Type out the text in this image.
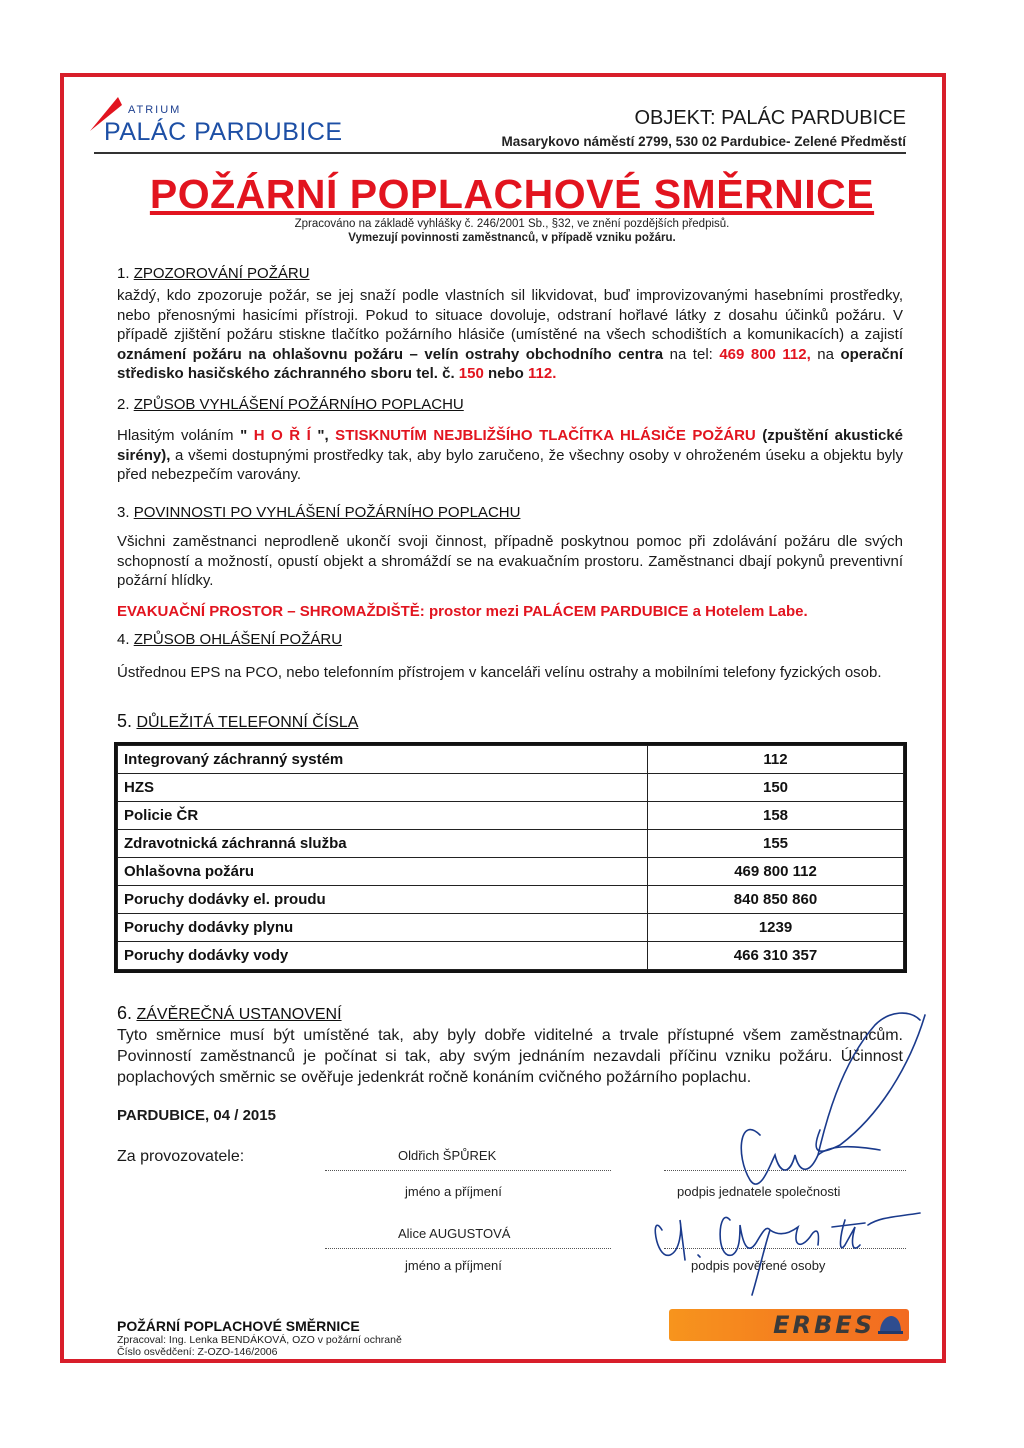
ATRIUM
PALÁC PARDUBICE	OBJEKT: PALÁC PARDUBICE
Masarykovo náměstí 2799, 530 02 Pardubice- Zelené Předměstí
POŽÁRNÍ POPLACHOVÉ SMĚRNICE
Zpracováno na základě vyhlášky č. 246/2001 Sb., §32, ve znění pozdějších předpisů.
Vymezují povinnosti zaměstnanců, v případě vzniku požáru.
1. ZPOZOROVÁNÍ POŽÁRU
každý, kdo zpozoruje požár, se jej snaží podle vlastních sil likvidovat, buď improvizovanými hasebními prostředky, nebo přenosnými hasicími přístroji. Pokud to situace dovoluje, odstraní hořlavé látky z dosahu účinků požáru. V případě zjištění požáru stiskne tlačítko požárního hlásiče (umístěné na všech schodištích a komunikacích) a zajistí oznámení požáru na ohlašovnu požáru – velín ostrahy obchodního centra na tel: 469 800 112, na operační středisko hasičského záchranného sboru tel. č. 150 nebo 112.
2. ZPŮSOB VYHLÁŠENÍ POŽÁRNÍHO POPLACHU
Hlasitým voláním " H O Ř Í ", STISKNUTÍM NEJBLIŽŠÍHO TLAČÍTKA HLÁSIČE POŽÁRU (zpuštění akustické sirény), a všemi dostupnými prostředky tak, aby bylo zaručeno, že všechny osoby v ohroženém úseku a objektu byly před nebezpečím varovány.
3. POVINNOSTI PO VYHLÁŠENÍ POŽÁRNÍHO POPLACHU
Všichni zaměstnanci neprodleně ukončí svoji činnost, případně poskytnou pomoc při zdolávání požáru dle svých schopností a možností, opustí objekt a shromáždí se na evakuačním prostoru. Zaměstnanci dbají pokynů preventivní požární hlídky.
EVAKUAČNÍ PROSTOR – SHROMAŽDIŠTĚ: prostor mezi PALÁCEM PARDUBICE a Hotelem Labe.
4. ZPŮSOB OHLÁŠENÍ POŽÁRU
Ústřednou EPS na PCO, nebo telefonním přístrojem v kanceláři velínu ostrahy a mobilními telefony fyzických osob.
5. DŮLEŽITÁ TELEFONNÍ ČÍSLA
Integrovaný záchranný systém	112
HZS	150
Policie ČR	158
Zdravotnická záchranná služba	155
Ohlašovna požáru	469 800 112
Poruchy dodávky el. proudu	840 850 860
Poruchy dodávky plynu	1239
Poruchy dodávky vody	466 310 357
6. ZÁVĚREČNÁ USTANOVENÍ
Tyto směrnice musí být umístěné tak, aby byly dobře viditelné a trvale přístupné všem zaměstnancům. Povinností zaměstnanců je počínat si tak, aby svým jednáním nezavdali příčinu vzniku požáru. Účinnost poplachových směrnic se ověřuje jedenkrát ročně konáním cvičného požárního poplachu.
PARDUBICE, 04 / 2015
Za provozovatele:	Oldřich ŠPŮREK
jméno a příjmení	podpis jednatele společnosti
Alice AUGUSTOVÁ
jméno a příjmení	podpis pověřené osoby
POŽÁRNÍ POPLACHOVÉ SMĚRNICE
Zpracoval: Ing. Lenka BENDÁKOVÁ, OZO v požární ochraně
Číslo osvědčení: Z-OZO-146/2006
ERBES
